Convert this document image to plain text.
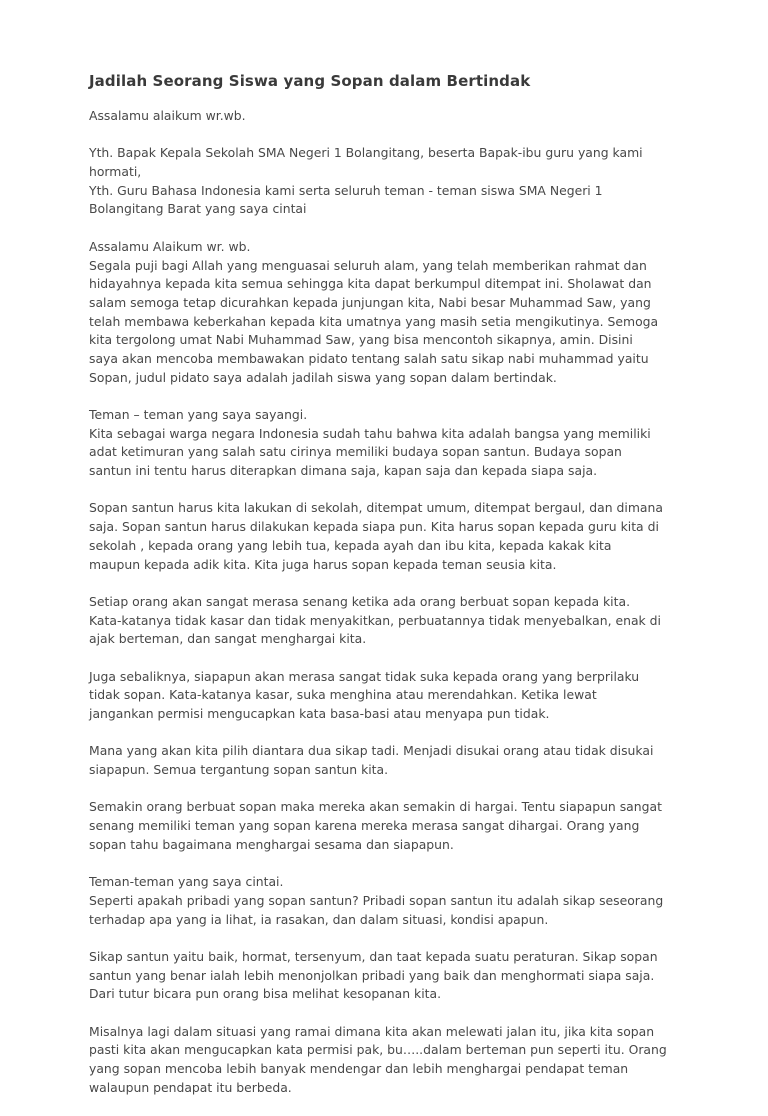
Jadilah Seorang Siswa yang Sopan dalam Bertindak
Assalamu alaikum wr.wb.
Yth. Bapak Kepala Sekolah SMA Negeri 1 Bolangitang, beserta Bapak-ibu guru yang kami
hormati,
Yth. Guru Bahasa Indonesia kami serta seluruh teman - teman siswa SMA Negeri 1
Bolangitang Barat yang saya cintai
Assalamu Alaikum wr. wb.
Segala puji bagi Allah yang menguasai seluruh alam, yang telah memberikan rahmat dan
hidayahnya kepada kita semua sehingga kita dapat berkumpul ditempat ini. Sholawat dan
salam semoga tetap dicurahkan kepada junjungan kita, Nabi besar Muhammad Saw, yang
telah membawa keberkahan kepada kita umatnya yang masih setia mengikutinya. Semoga
kita tergolong umat Nabi Muhammad Saw, yang bisa mencontoh sikapnya, amin. Disini
saya akan mencoba membawakan pidato tentang salah satu sikap nabi muhammad yaitu
Sopan, judul pidato saya adalah jadilah siswa yang sopan dalam bertindak.
Teman – teman yang saya sayangi.
Kita sebagai warga negara Indonesia sudah tahu bahwa kita adalah bangsa yang memiliki
adat ketimuran yang salah satu cirinya memiliki budaya sopan santun. Budaya sopan
santun ini tentu harus diterapkan dimana saja, kapan saja dan kepada siapa saja.
Sopan santun harus kita lakukan di sekolah, ditempat umum, ditempat bergaul, dan dimana
saja. Sopan santun harus dilakukan kepada siapa pun. Kita harus sopan kepada guru kita di
sekolah , kepada orang yang lebih tua, kepada ayah dan ibu kita, kepada kakak kita
maupun kepada adik kita. Kita juga harus sopan kepada teman seusia kita.
Setiap orang akan sangat merasa senang ketika ada orang berbuat sopan kepada kita.
Kata-katanya tidak kasar dan tidak menyakitkan, perbuatannya tidak menyebalkan, enak di
ajak berteman, dan sangat menghargai kita.
Juga sebaliknya, siapapun akan merasa sangat tidak suka kepada orang yang berprilaku
tidak sopan. Kata-katanya kasar, suka menghina atau merendahkan. Ketika lewat
jangankan permisi mengucapkan kata basa-basi atau menyapa pun tidak.
Mana yang akan kita pilih diantara dua sikap tadi. Menjadi disukai orang atau tidak disukai
siapapun. Semua tergantung sopan santun kita.
Semakin orang berbuat sopan maka mereka akan semakin di hargai. Tentu siapapun sangat
senang memiliki teman yang sopan karena mereka merasa sangat dihargai. Orang yang
sopan tahu bagaimana menghargai sesama dan siapapun.
Teman-teman yang saya cintai.
Seperti apakah pribadi yang sopan santun? Pribadi sopan santun itu adalah sikap seseorang
terhadap apa yang ia lihat, ia rasakan, dan dalam situasi, kondisi apapun.
Sikap santun yaitu baik, hormat, tersenyum, dan taat kepada suatu peraturan. Sikap sopan
santun yang benar ialah lebih menonjolkan pribadi yang baik dan menghormati siapa saja.
Dari tutur bicara pun orang bisa melihat kesopanan kita.
Misalnya lagi dalam situasi yang ramai dimana kita akan melewati jalan itu, jika kita sopan
pasti kita akan mengucapkan kata permisi pak, bu…..dalam berteman pun seperti itu. Orang
yang sopan mencoba lebih banyak mendengar dan lebih menghargai pendapat teman
walaupun pendapat itu berbeda.
